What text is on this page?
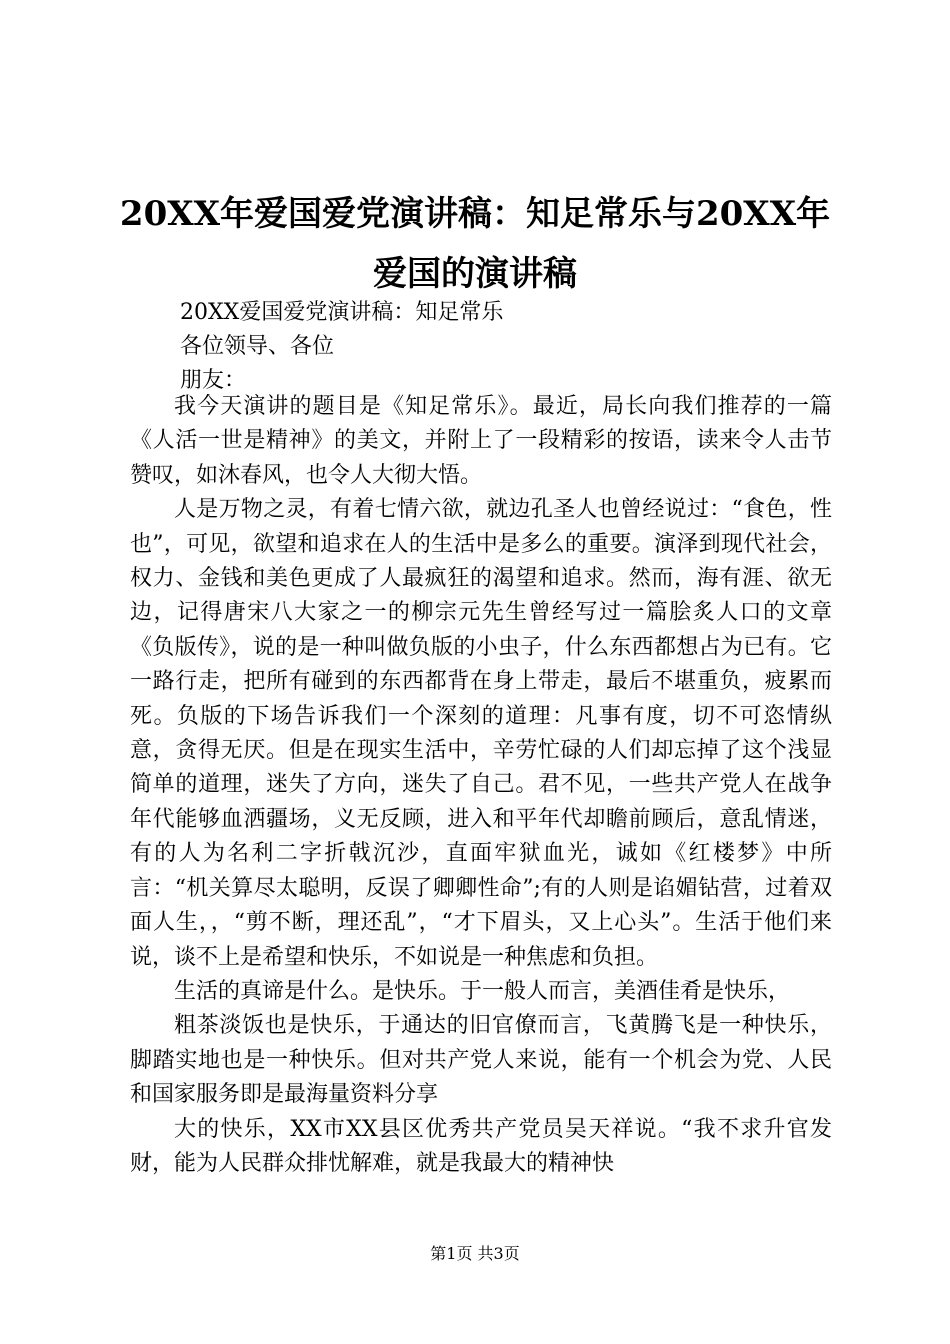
20XX年爱国爱党演讲稿：知足常乐与20XX年
爱国的演讲稿

20XX爱国爱党演讲稿：知足常乐

各位领导、各位

朋友：

我今天演讲的题目是《知足常乐》。最近，局长向我们推荐的一篇《人活一世是精神》的美文，并附上了一段精彩的按语，读来令人击节赞叹，如沐春风，也令人大彻大悟。

人是万物之灵，有着七情六欲，就边孔圣人也曾经说过：“食色，性也”，可见，欲望和追求在人的生活中是多么的重要。演泽到现代社会，权力、金钱和美色更成了人最疯狂的渴望和追求。然而，海有涯、欲无边，记得唐宋八大家之一的柳宗元先生曾经写过一篇脍炙人口的文章《负版传》，说的是一种叫做负版的小虫子，什么东西都想占为已有。它一路行走，把所有碰到的东西都背在身上带走，最后不堪重负，疲累而死。负版的下场告诉我们一个深刻的道理：凡事有度，切不可恣情纵意，贪得无厌。但是在现实生活中，辛劳忙碌的人们却忘掉了这个浅显简单的道理，迷失了方向，迷失了自己。君不见，一些共产党人在战争年代能够血洒疆场，义无反顾，进入和平年代却瞻前顾后，意乱情迷，有的人为名利二字折戟沉沙，直面牢狱血光，诚如《红楼梦》中所言：“机关算尽太聪明，反误了卿卿性命”;有的人则是谄媚钻营，过着双面人生，，“剪不断，理还乱”，“才下眉头，又上心头”。生活于他们来说，谈不上是希望和快乐，不如说是一种焦虑和负担。

生活的真谛是什么。是快乐。于一般人而言，美酒佳肴是快乐，

粗茶淡饭也是快乐，于通达的旧官僚而言，飞黄腾飞是一种快乐，脚踏实地也是一种快乐。但对共产党人来说，能有一个机会为党、人民和国家服务即是最海量资料分享

大的快乐，XX市XX县区优秀共产党员吴天祥说。“我不求升官发财，能为人民群众排忧解难，就是我最大的精神快

第1页 共3页
